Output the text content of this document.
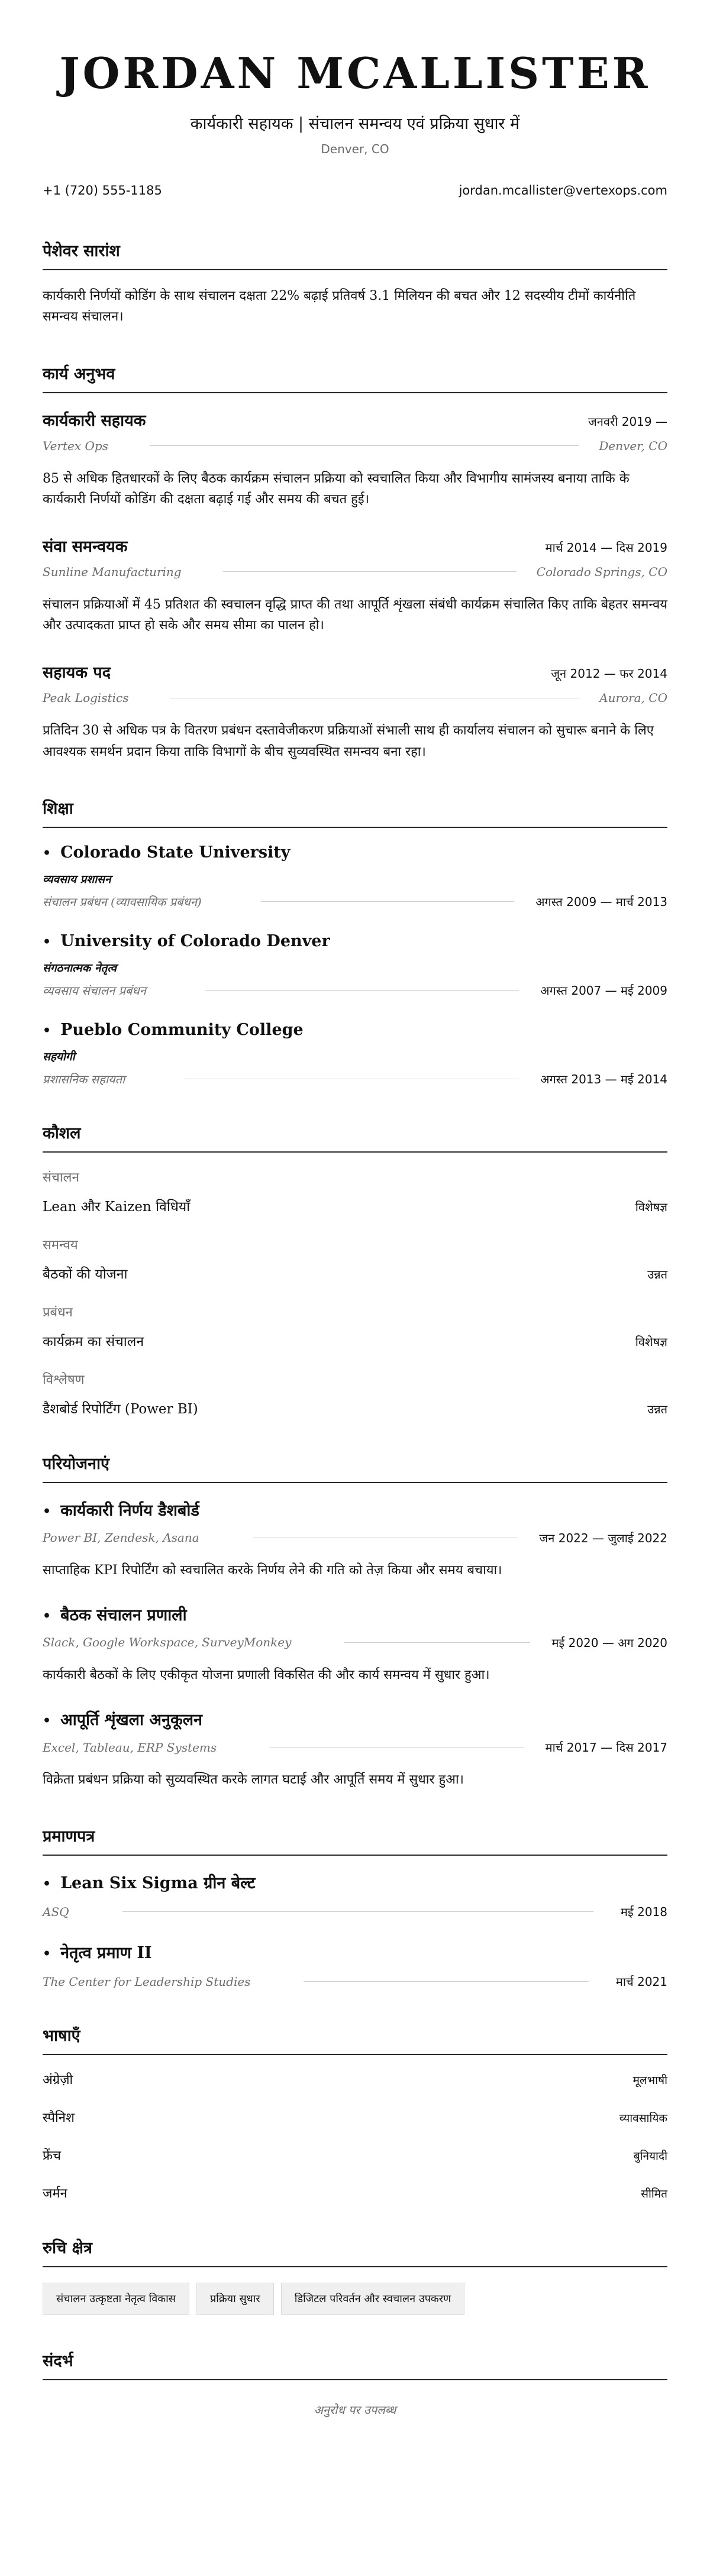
JORDAN MCALLISTER
कार्यकारी सहायक | संचालन समन्वय एवं प्रक्रिया सुधार में
Denver, CO
+1 (720) 555-1185	jordan.mcallister@vertexops.com
पेशेवर सारांश

कार्यकारी निर्णयों कोडिंग के साथ संचालन दक्षता 22% बढ़ाई प्रतिवर्ष 3.1 मिलियन की बचत और 12 सदस्यीय टीमों कार्यनीति समन्वय संचालन।

कार्य अनुभव
कार्यकारी सहायक	जनवरी 2019 —
Vertex Ops	Denver, CO

85 से अधिक हितधारकों के लिए बैठक कार्यक्रम संचालन प्रक्रिया को स्वचालित किया और विभागीय सामंजस्य बनाया ताकि के कार्यकारी निर्णयों कोडिंग की दक्षता बढ़ाई गई और समय की बचत हुई।

संवा समन्वयक	मार्च 2014 — दिस 2019
Sunline Manufacturing	Colorado Springs, CO

संचालन प्रक्रियाओं में 45 प्रतिशत की स्वचालन वृद्धि प्राप्त की तथा आपूर्ति शृंखला संबंधी कार्यक्रम संचालित किए ताकि बेहतर समन्वय और उत्पादकता प्राप्त हो सके और समय सीमा का पालन हो।

सहायक पद	जून 2012 — फर 2014
Peak Logistics	Aurora, CO

प्रतिदिन 30 से अधिक पत्र के वितरण प्रबंधन दस्तावेजीकरण प्रक्रियाओं संभाली साथ ही कार्यालय संचालन को सुचारू बनाने के लिए आवश्यक समर्थन प्रदान किया ताकि विभागों के बीच सुव्यवस्थित समन्वय बना रहा।

शिक्षा
• Colorado State University
व्यवसाय प्रशासन
संचालन प्रबंधन (व्यावसायिक प्रबंधन)	अगस्त 2009 — मार्च 2013
• University of Colorado Denver
संगठनात्मक नेतृत्व
व्यवसाय संचालन प्रबंधन	अगस्त 2007 — मई 2009
• Pueblo Community College
सहयोगी
प्रशासनिक सहायता	अगस्त 2013 — मई 2014
कौशल
संचालन
Lean और Kaizen विधियाँ	विशेषज्ञ
समन्वय
बैठकों की योजना	उन्नत
प्रबंधन
कार्यक्रम का संचालन	विशेषज्ञ
विश्लेषण
डैशबोर्ड रिपोर्टिंग (Power BI)	उन्नत
परियोजनाएं
• कार्यकारी निर्णय डैशबोर्ड
Power BI, Zendesk, Asana	जन 2022 — जुलाई 2022

साप्ताहिक KPI रिपोर्टिंग को स्वचालित करके निर्णय लेने की गति को तेज़ किया और समय बचाया।

• बैठक संचालन प्रणाली
Slack, Google Workspace, SurveyMonkey	मई 2020 — अग 2020

कार्यकारी बैठकों के लिए एकीकृत योजना प्रणाली विकसित की और कार्य समन्वय में सुधार हुआ।

• आपूर्ति शृंखला अनुकूलन
Excel, Tableau, ERP Systems	मार्च 2017 — दिस 2017

विक्रेता प्रबंधन प्रक्रिया को सुव्यवस्थित करके लागत घटाई और आपूर्ति समय में सुधार हुआ।

प्रमाणपत्र
• Lean Six Sigma ग्रीन बेल्ट
ASQ	मई 2018
• नेतृत्व प्रमाण II
The Center for Leadership Studies	मार्च 2021
भाषाएँ
अंग्रेज़ी	मूलभाषी
स्पैनिश	व्यावसायिक
फ्रेंच	बुनियादी
जर्मन	सीमित
रुचि क्षेत्र
संचालन उत्कृष्टता नेतृत्व विकास	प्रक्रिया सुधार	डिजिटल परिवर्तन और स्वचालन उपकरण
संदर्भ
अनुरोध पर उपलब्ध
